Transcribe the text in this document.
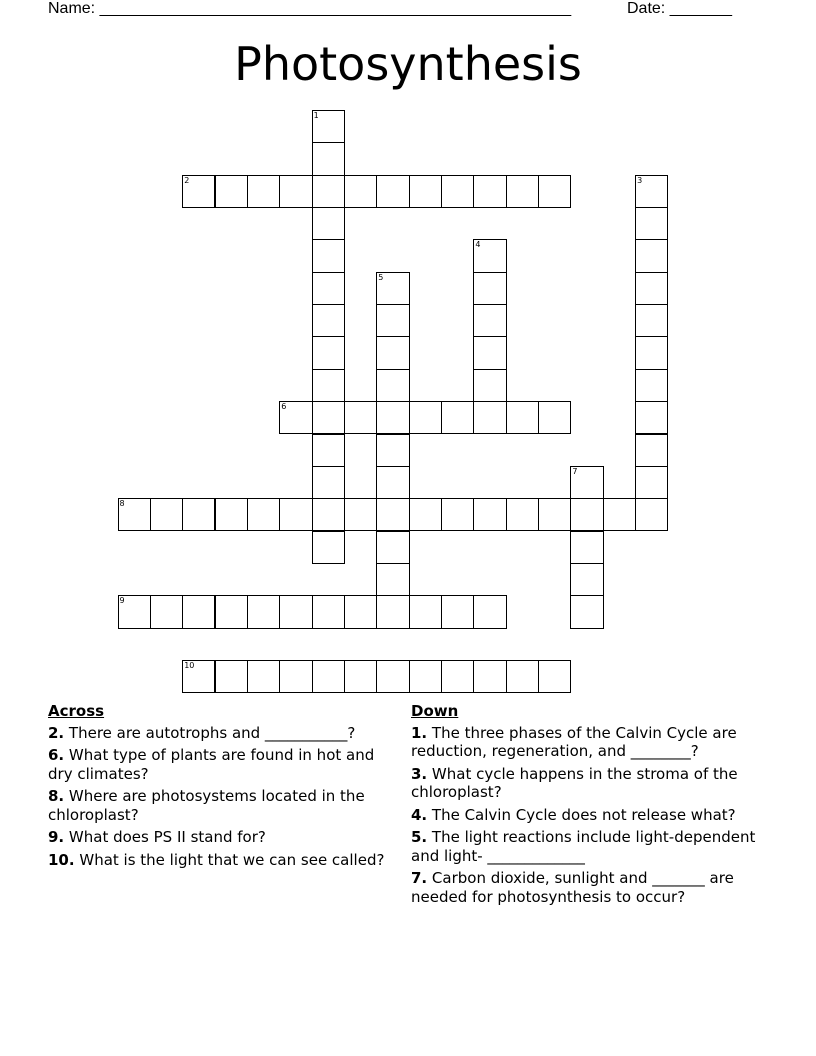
Name: _____________________________________________________	Date: _______
Photosynthesis
1
2	3
4
5
6
7
8
9
10
Across
2. There are autotrophs and ___________?
6. What type of plants are found in hot and dry climates?
8. Where are photosystems located in the chloroplast?
9. What does PS II stand for?
10. What is the light that we can see called?
Down
1. The three phases of the Calvin Cycle are reduction, regeneration, and ________?
3. What cycle happens in the stroma of the chloroplast?
4. The Calvin Cycle does not release what?
5. The light reactions include light-dependent and light- _____________
7. Carbon dioxide, sunlight and _______ are needed for photosynthesis to occur?
